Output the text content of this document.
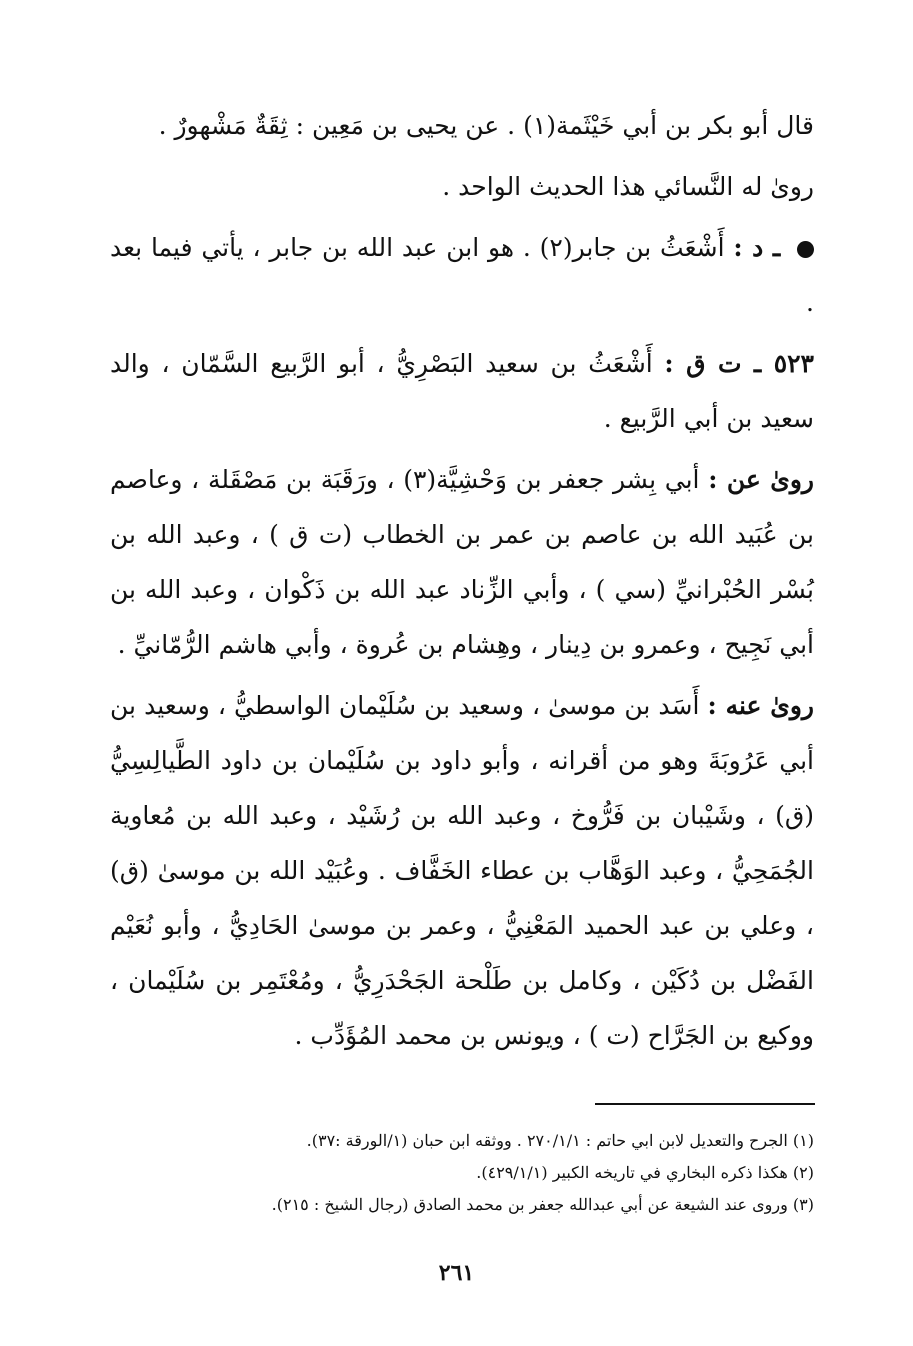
قال أبو بكر بن أبي خَيْثَمة(١) . عن يحيى بن مَعِين : ثِقَةٌ مَشْهورٌ .

روىٰ له النَّسائي هذا الحديث الواحد .

ـ د : أَشْعَثُ بن جابر(٢) . هو ابن عبد الله بن جابر ، يأتي فيما بعد .

٥٢٣ ـ ت ق : أَشْعَثُ بن سعيد البَصْرِيُّ ، أبو الرَّبيع السَّمّان ، والد سعيد بن أبي الرَّبيع .

روىٰ عن : أبي بِشر جعفر بن وَحْشِيَّة(٣) ، ورَقَبَة بن مَصْقَلة ، وعاصم بن عُبَيد الله بن عاصم بن عمر بن الخطاب (ت ق ) ، وعبد الله بن بُسْر الحُبْرانيِّ (سي ) ، وأبي الزِّناد عبد الله بن ذَكْوان ، وعبد الله بن أبي نَجِيح ، وعمرو بن دِينار ، وهِشام بن عُروة ، وأبي هاشم الرُّمّانيِّ .

روىٰ عنه : أَسَد بن موسىٰ ، وسعيد بن سُلَيْمان الواسطيُّ ، وسعيد بن أبي عَرُوبَةَ وهو من أقرانه ، وأبو داود بن سُلَيْمان بن داود الطَّيالِسِيُّ (ق) ، وشَيْبان بن فَرُّوخ ، وعبد الله بن رُشَيْد ، وعبد الله بن مُعاوية الجُمَحِيُّ ، وعبد الوَهَّاب بن عطاء الخَفَّاف . وعُبَيْد الله بن موسىٰ (ق) ، وعلي بن عبد الحميد المَعْنِيُّ ، وعمر بن موسىٰ الحَادِيُّ ، وأبو نُعَيْم الفَضْل بن دُكَيْن ، وكامل بن طَلْحة الجَحْدَرِيُّ ، ومُعْتَمِر بن سُلَيْمان ، ووكيع بن الجَرَّاح (ت ) ، ويونس بن محمد المُؤَدِّب .

(١) الجرح والتعديل لابن ابي حاتم : ٢٧٠/١/١ . ووثقه ابن حبان (١/الورقة :٣٧).

(٢) هكذا ذكره البخاري في تاريخه الكبير (٤٢٩/١/١).

(٣) وروى عند الشيعة عن أبي عبدالله جعفر بن محمد الصادق (رجال الشيخ : ٢١٥).

٢٦١
